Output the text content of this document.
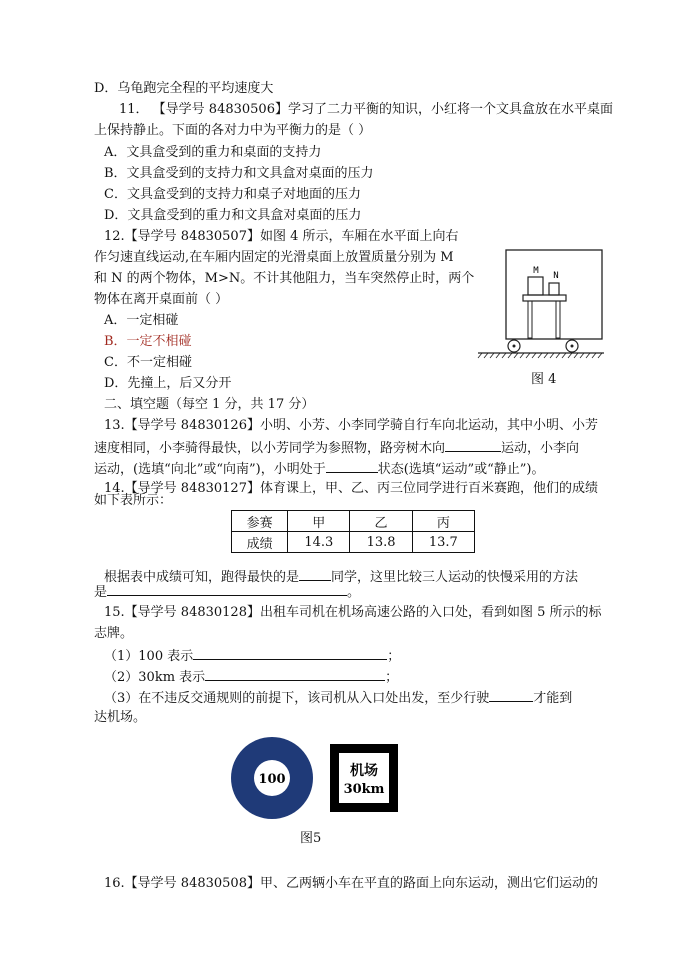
D．乌龟跑完全程的平均速度大
11． 【导学号 84830506】学习了二力平衡的知识，小红将一个文具盒放在水平桌面
上保持静止。下面的各对力中为平衡力的是（ ）
A．文具盒受到的重力和桌面的支持力
B．文具盒受到的支持力和文具盒对桌面的压力
C．文具盒受到的支持力和桌子对地面的压力
D．文具盒受到的重力和文具盒对桌面的压力
12.【导学号 84830507】如图 4 所示，车厢在水平面上向右
作匀速直线运动,在车厢内固定的光滑桌面上放置质量分别为 M
和 N 的两个物体，M>N。不计其他阻力，当车突然停止时，两个
物体在离开桌面前（ ）
A．一定相碰
B．一定不相碰
C．不一定相碰
D．先撞上，后又分开
二、填空题（每空 1 分，共 17 分）
13.【导学号 84830126】小明、小芳、小李同学骑自行车向北运动，其中小明、小芳
速度相同，小李骑得最快，以小芳同学为参照物，路旁树木向	运动，小李向
运动，(选填“向北”或“向南”)，小明处于	状态(选填“运动”或“静止”)。
14.【导学号 84830127】体育课上，甲、乙、丙三位同学进行百米赛跑，他们的成绩
如下表所示：
参赛	甲	乙	丙
成绩	14.3	13.8	13.7
根据表中成绩可知，跑得最快的是 同学，这里比较三人运动的快慢采用的方法
是	。
15.【导学号 84830128】出租车司机在机场高速公路的入口处，看到如图 5 所示的标
志牌。
（1）100 表示	；
（2）30km 表示	；
（3）在不违反交通规则的前提下，该司机从入口处出发，至少行驶	才能到
达机场。
16.【导学号 84830508】甲、乙两辆小车在平直的路面上向东运动，测出它们运动的
M N
图 4
100
机场
30km
图5
